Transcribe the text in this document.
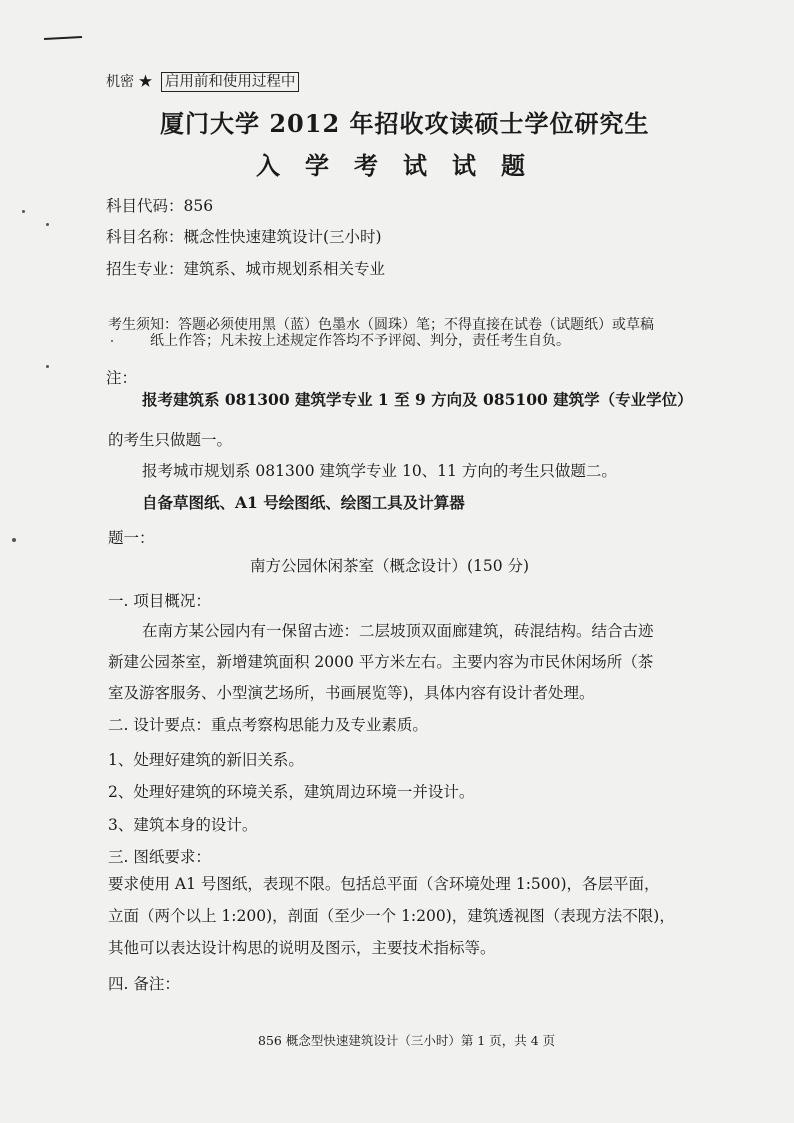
机密 ★ 启用前和使用过程中
厦门大学 2012 年招收攻读硕士学位研究生
入学考试试题
科目代码：856
科目名称：概念性快速建筑设计(三小时)
招生专业：建筑系、城市规划系相关专业
考生须知：答题必须使用黑（蓝）色墨水（圆珠）笔；不得直接在试卷（试题纸）或草稿
纸上作答；凡未按上述规定作答均不予评阅、判分，责任考生自负。
注：
报考建筑系 081300 建筑学专业 1 至 9 方向及 085100 建筑学（专业学位）
的考生只做题一。
报考城市规划系 081300 建筑学专业 10、11 方向的考生只做题二。
自备草图纸、A1 号绘图纸、绘图工具及计算器
题一：
南方公园休闲茶室（概念设计）(150 分)
一. 项目概况：
在南方某公园内有一保留古迹：二层坡顶双面廊建筑，砖混结构。结合古迹
新建公园茶室，新增建筑面积 2000 平方米左右。主要内容为市民休闲场所（茶
室及游客服务、小型演艺场所，书画展览等)，具体内容有设计者处理。
二. 设计要点：重点考察构思能力及专业素质。
1、处理好建筑的新旧关系。
2、处理好建筑的环境关系，建筑周边环境一并设计。
3、建筑本身的设计。
三. 图纸要求：
要求使用 A1 号图纸，表现不限。包括总平面（含环境处理 1:500)，各层平面，
立面（两个以上 1:200)，剖面（至少一个 1:200)，建筑透视图（表现方法不限)，
其他可以表达设计构思的说明及图示，主要技术指标等。
四. 备注：
856 概念型快速建筑设计（三小时）第 1 页，共 4 页
